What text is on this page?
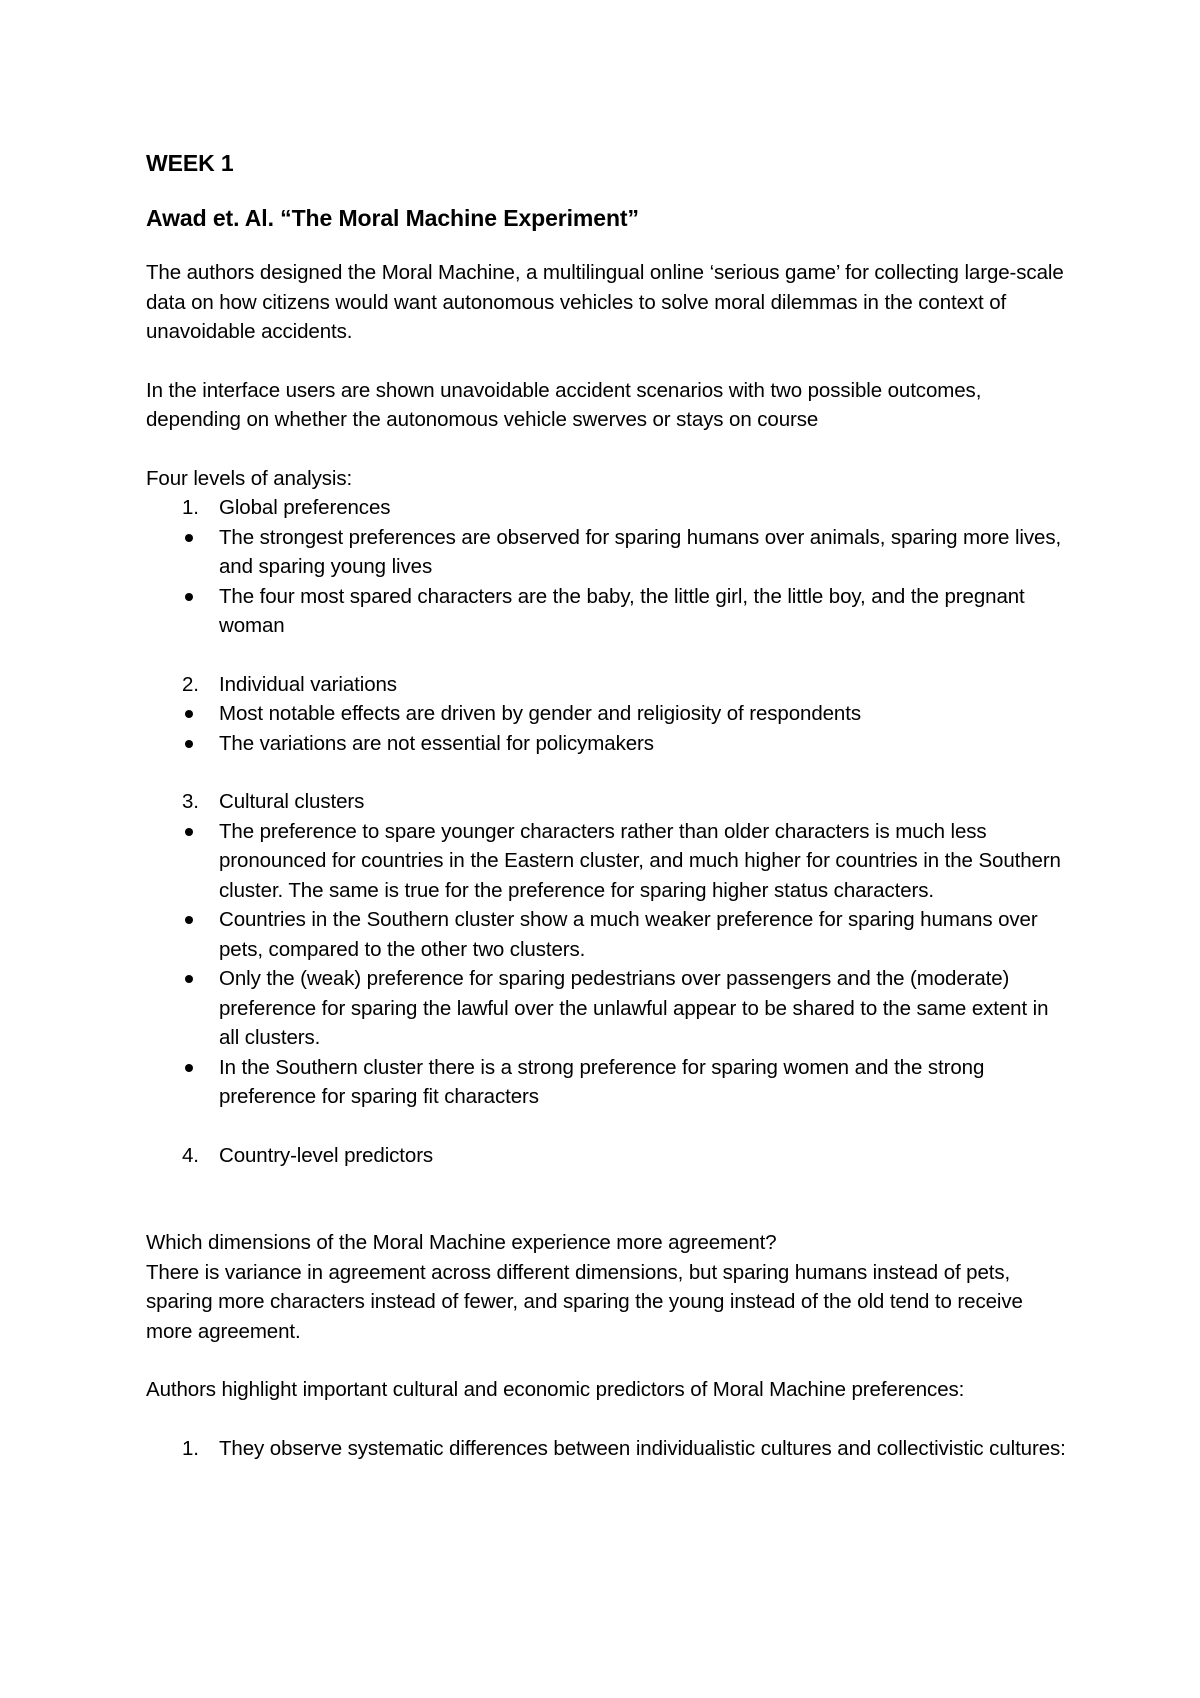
WEEK 1
Awad et. Al. “The Moral Machine Experiment”

The authors designed the Moral Machine, a multilingual online ‘serious game’ for collecting large-scale data on how citizens would want autonomous vehicles to solve moral dilemmas in the context of unavoidable accidents.

In the interface users are shown unavoidable accident scenarios with two possible outcomes, depending on whether the autonomous vehicle swerves or stays on course

Four levels of analysis:

1. Global preferences
The strongest preferences are observed for sparing humans over animals, sparing more lives, and sparing young lives
The four most spared characters are the baby, the little girl, the little boy, and the pregnant woman
2. Individual variations
Most notable effects are driven by gender and religiosity of respondents
The variations are not essential for policymakers
3. Cultural clusters
The preference to spare younger characters rather than older characters is much less pronounced for countries in the Eastern cluster, and much higher for countries in the Southern cluster. The same is true for the preference for sparing higher status characters.
Countries in the Southern cluster show a much weaker preference for sparing humans over pets, compared to the other two clusters.
Only the (weak) preference for sparing pedestrians over passengers and the (moderate) preference for sparing the lawful over the unlawful appear to be shared to the same extent in all clusters.
In the Southern cluster there is a strong preference for sparing women and the strong preference for sparing fit characters
4. Country-level predictors

Which dimensions of the Moral Machine experience more agreement?

There is variance in agreement across different dimensions, but sparing humans instead of pets, sparing more characters instead of fewer, and sparing the young instead of the old tend to receive more agreement.

Authors highlight important cultural and economic predictors of Moral Machine preferences:

1. They observe systematic differences between individualistic cultures and collectivistic cultures:
